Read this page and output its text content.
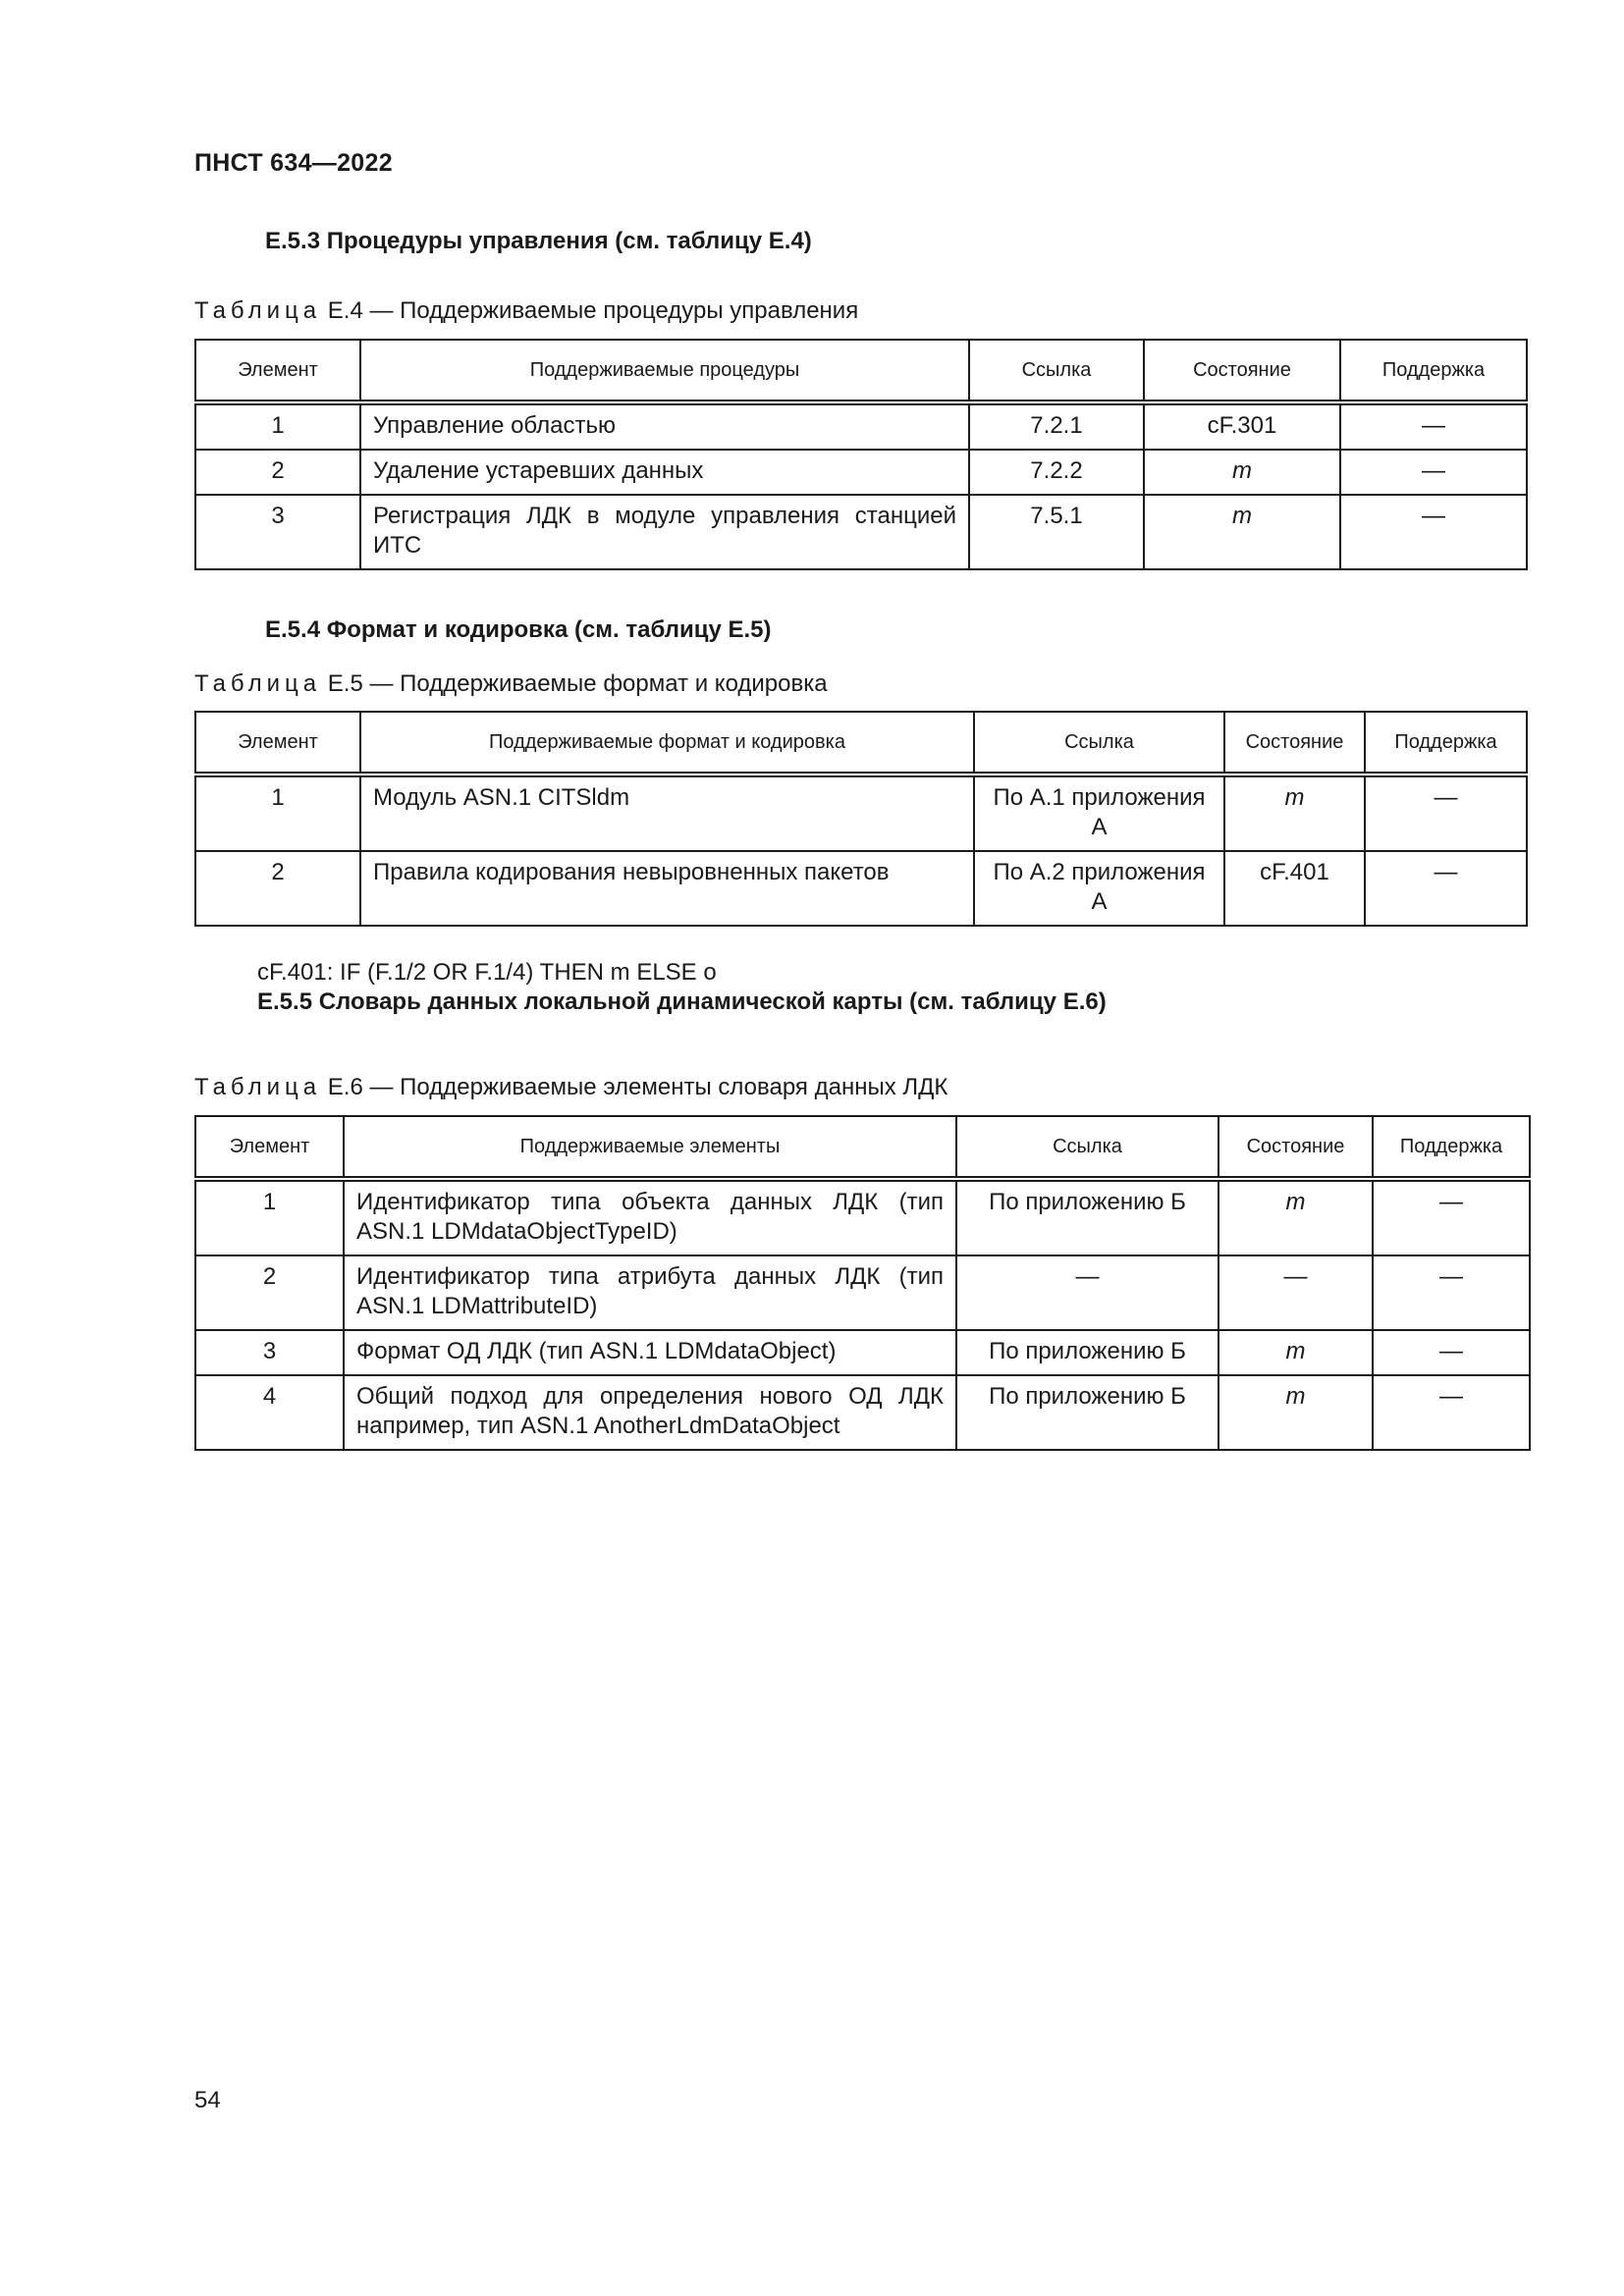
ПНСТ 634—2022
E.5.3 Процедуры управления (см. таблицу E.4)
Таблица E.4 — Поддерживаемые процедуры управления
Элемент	Поддерживаемые процедуры	Ссылка	Состояние	Поддержка
1	Управление областью	7.2.1	cF.301	—
2	Удаление устаревших данных	7.2.2	m	—
3	Регистрация ЛДК в модуле управления станцией ИТС	7.5.1	m	—
E.5.4 Формат и кодировка (см. таблицу E.5)
Таблица E.5 — Поддерживаемые формат и кодировка
Элемент	Поддерживаемые формат и кодировка	Ссылка	Состояние	Поддержка
1	Модуль ASN.1 CITSldm	По А.1 приложения А	m	—
2	Правила кодирования невыровненных пакетов	По А.2 приложения А	cF.401	—
cF.401: IF (F.1/2 OR F.1/4) THEN m ELSE o
E.5.5 Словарь данных локальной динамической карты (см. таблицу E.6)
Таблица E.6 — Поддерживаемые элементы словаря данных ЛДК
Элемент	Поддерживаемые элементы	Ссылка	Состояние	Поддержка
1	Идентификатор типа объекта данных ЛДК (тип ASN.1 LDMdataObjectTypeID)	По приложению Б	m	—
2	Идентификатор типа атрибута данных ЛДК (тип ASN.1 LDMattributeID)	—	—	—
3	Формат ОД ЛДК (тип ASN.1 LDMdataObject)	По приложению Б	m	—
4	Общий подход для определения нового ОД ЛДК например, тип ASN.1 AnotherLdmDataObject	По приложению Б	m	—
54
